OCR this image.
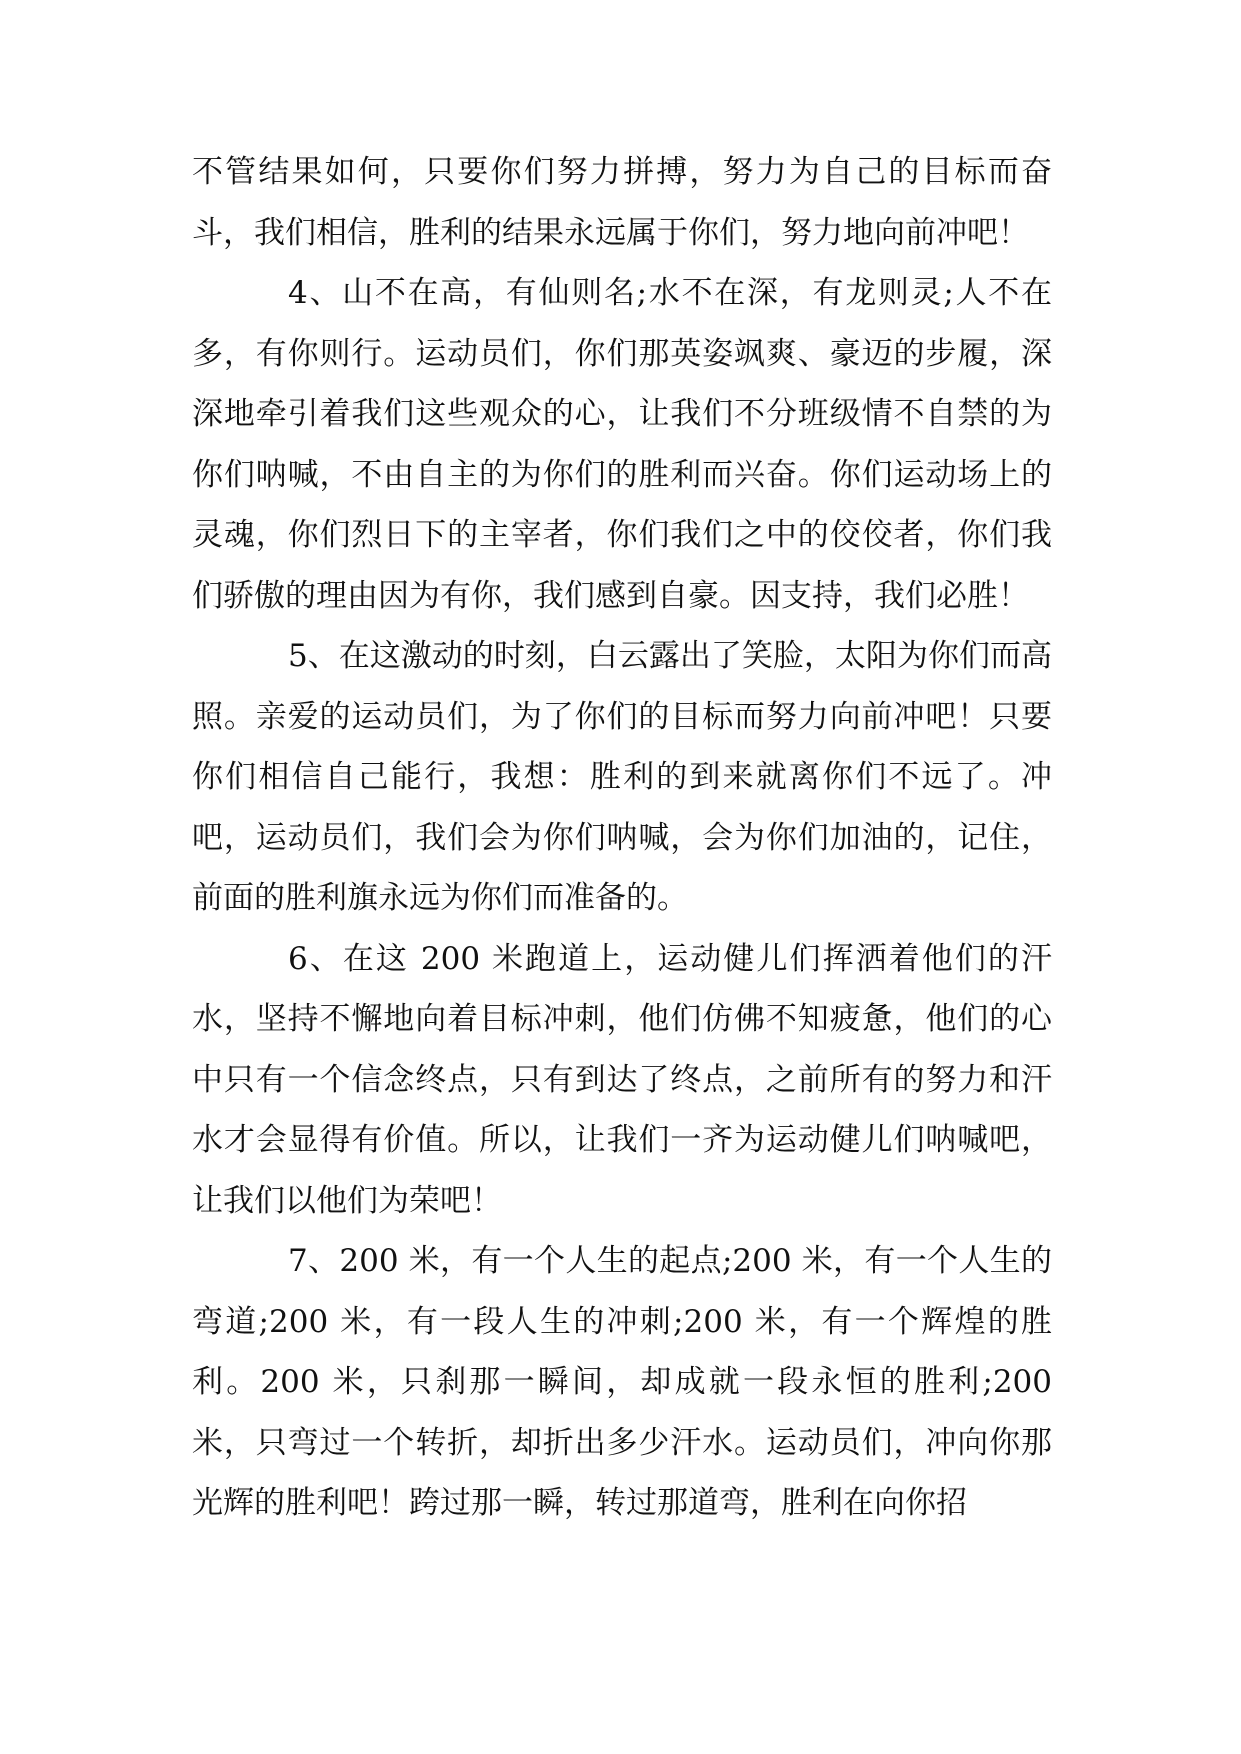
不管结果如何，只要你们努力拼搏，努力为自己的目标而奋斗，我们相信，胜利的结果永远属于你们，努力地向前冲吧！

4、山不在高，有仙则名;水不在深，有龙则灵;人不在多，有你则行。运动员们，你们那英姿飒爽、豪迈的步履，深深地牵引着我们这些观众的心，让我们不分班级情不自禁的为你们呐喊，不由自主的为你们的胜利而兴奋。你们运动场上的灵魂，你们烈日下的主宰者，你们我们之中的佼佼者，你们我们骄傲的理由因为有你，我们感到自豪。因支持，我们必胜！

5、在这激动的时刻，白云露出了笑脸，太阳为你们而高照。亲爱的运动员们，为了你们的目标而努力向前冲吧！只要你们相信自己能行，我想：胜利的到来就离你们不远了。冲吧，运动员们，我们会为你们呐喊，会为你们加油的，记住，前面的胜利旗永远为你们而准备的。

6、在这 200 米跑道上，运动健儿们挥洒着他们的汗水，坚持不懈地向着目标冲刺，他们仿佛不知疲惫，他们的心中只有一个信念终点，只有到达了终点，之前所有的努力和汗水才会显得有价值。所以，让我们一齐为运动健儿们呐喊吧，让我们以他们为荣吧！

7、200 米，有一个人生的起点;200 米，有一个人生的弯道;200 米，有一段人生的冲刺;200 米，有一个辉煌的胜利。200 米，只刹那一瞬间，却成就一段永恒的胜利;200 米，只弯过一个转折，却折出多少汗水。运动员们，冲向你那光辉的胜利吧！跨过那一瞬，转过那道弯，胜利在向你招
